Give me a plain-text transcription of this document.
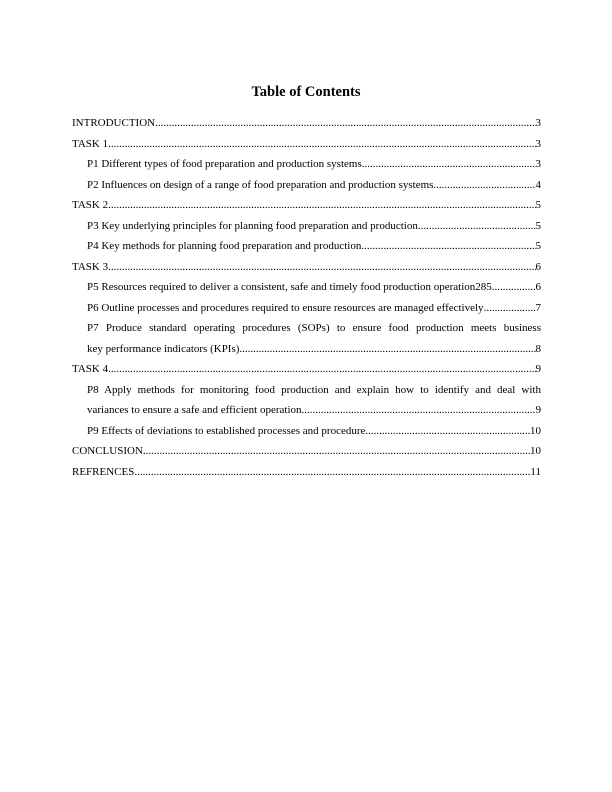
Table of Contents
INTRODUCTION .....	3
TASK 1 .....	3
P1 Different types of food preparation and production systems .....	3
P2 Influences on design of a range of food preparation and production systems .....	4
TASK 2 .....	5
P3 Key underlying principles for planning food preparation and production .....	5
P4 Key methods for planning food preparation and production .....	5
TASK 3 .....	6
P5 Resources required to deliver a consistent, safe and timely food production operation285.. .....	6
P6 Outline processes and procedures required to ensure resources are managed effectively .....	7
P7 Produce standard operating procedures (SOPs) to ensure food production meets business
key performance indicators (KPIs) .....	8
TASK 4 .....	9
P8 Apply methods for monitoring food production and explain how to identify and deal with
variances to ensure a safe and efficient operation .....	9
P9 Effects of deviations to established processes and procedure .....	10
CONCLUSION .....	10
REFRENCES .....	11
